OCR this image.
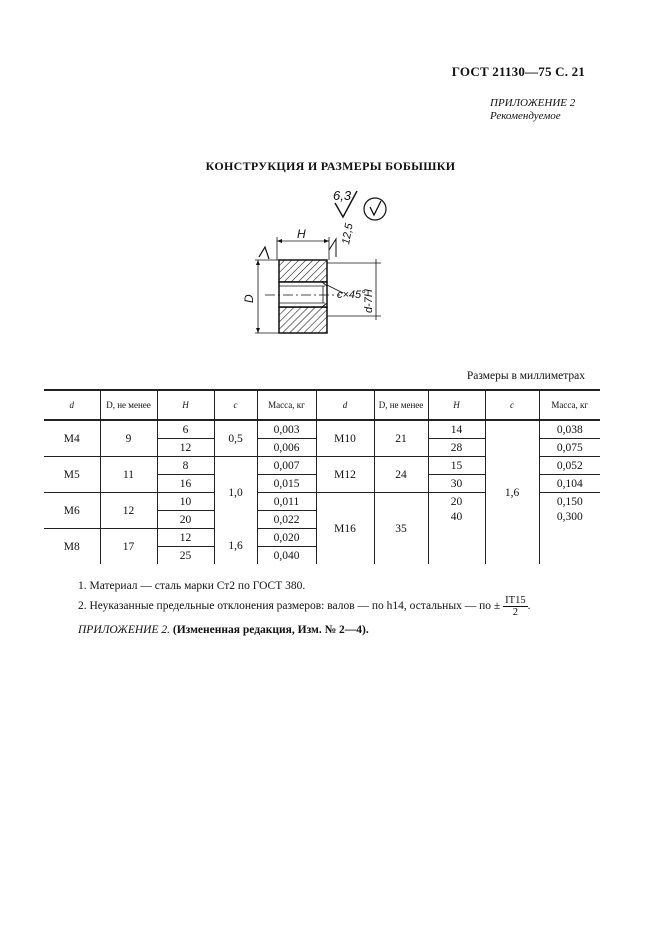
ГОСТ 21130—75 С. 21
ПРИЛОЖЕНИЕ 2
Рекомендуемое
КОНСТРУКЦИЯ И РАЗМЕРЫ БОБЫШКИ
6,3
H	12,5
D	c×45°
d-7H
Размеры в миллиметрах
d	D, не менее	H	c	Масса, кг	d	D, не менее	H	c	Масса, кг
M4	9	6	0,5	0,003	M10	21	14	1,6	0,038
		12		0,006			28		0,075
M5	11	8	1,0	0,007	M12	24	15		0,052
		16		0,015			30		0,104
M6	12	10		0,011	M16	35	20		0,150
		20		0,022			40		0,300
M8	17	12	1,6	0,020					
		25		0,040					
1. Материал — сталь марки Ст2 по ГОСТ 380.
2. Неуказанные предельные отклонения размеров: валов — по h14, остальных — по ± $\frac{IT15}{2}$ .
ПРИЛОЖЕНИЕ 2. (Измененная редакция, Изм. № 2—4).
